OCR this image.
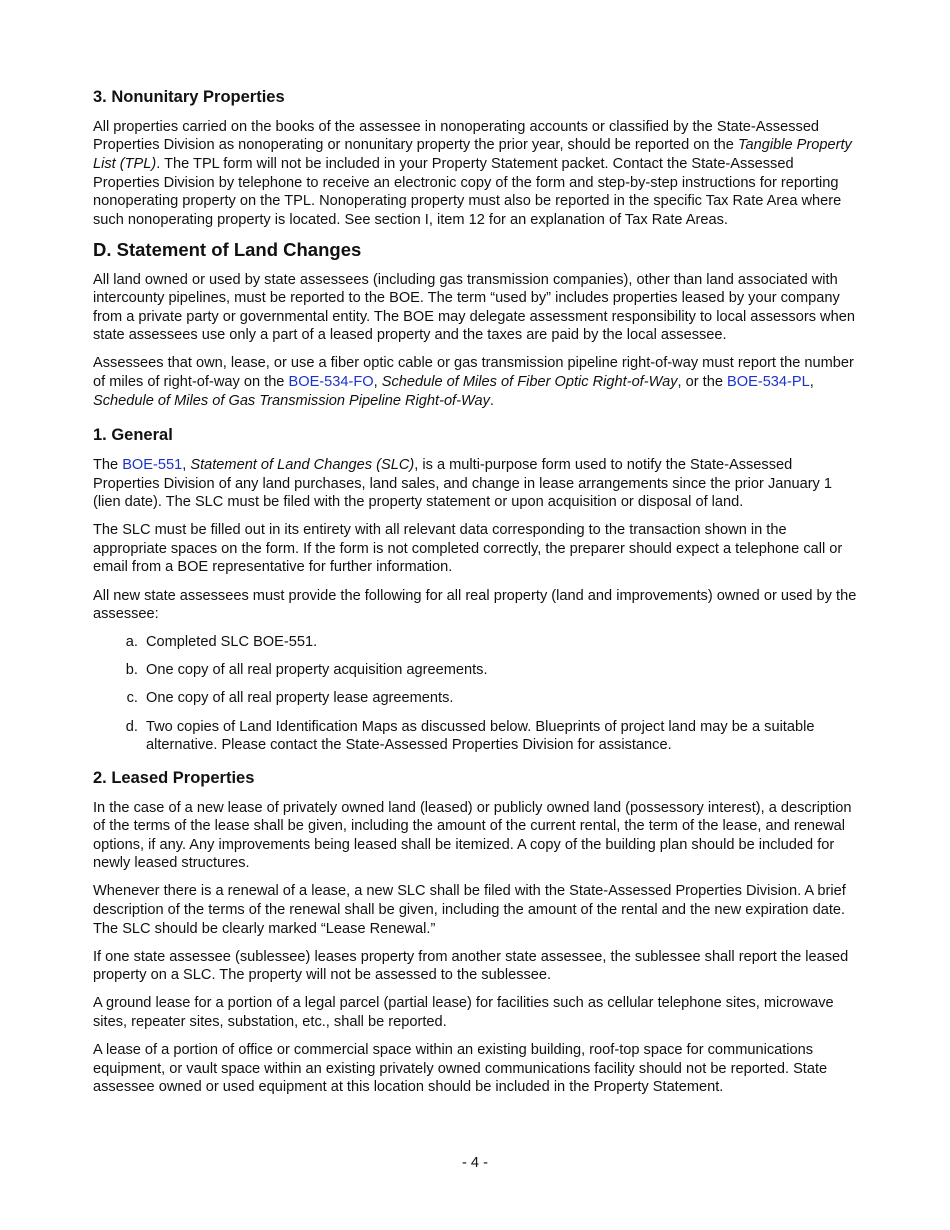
3. Nonunitary Properties

All properties carried on the books of the assessee in nonoperating accounts or classified by the State-Assessed Properties Division as nonoperating or nonunitary property the prior year, should be reported on the Tangible Property List (TPL). The TPL form will not be included in your Property Statement packet. Contact the State-Assessed Properties Division by telephone to receive an electronic copy of the form and step-by-step instructions for reporting nonoperating property on the TPL. Nonoperating property must also be reported in the specific Tax Rate Area where such nonoperating property is located. See section I, item 12 for an explanation of Tax Rate Areas.

D. Statement of Land Changes

All land owned or used by state assessees (including gas transmission companies), other than land associated with intercounty pipelines, must be reported to the BOE. The term “used by” includes properties leased by your company from a private party or governmental entity. The BOE may delegate assessment responsibility to local assessors when state assessees use only a part of a leased property and the taxes are paid by the local assessee.

Assessees that own, lease, or use a fiber optic cable or gas transmission pipeline right-of-way must report the number of miles of right-of-way on the BOE-534-FO, Schedule of Miles of Fiber Optic Right-of-Way, or the BOE-534-PL, Schedule of Miles of Gas Transmission Pipeline Right-of-Way.

1. General

The BOE-551, Statement of Land Changes (SLC), is a multi-purpose form used to notify the State-Assessed Properties Division of any land purchases, land sales, and change in lease arrangements since the prior January 1 (lien date). The SLC must be filed with the property statement or upon acquisition or disposal of land.

The SLC must be filled out in its entirety with all relevant data corresponding to the transaction shown in the appropriate spaces on the form. If the form is not completed correctly, the preparer should expect a telephone call or email from a BOE representative for further information.

All new state assessees must provide the following for all real property (land and improvements) owned or used by the assessee:

a. Completed SLC BOE-551.
b. One copy of all real property acquisition agreements.
c. One copy of all real property lease agreements.
d. Two copies of Land Identification Maps as discussed below. Blueprints of project land may be a suitable alternative. Please contact the State-Assessed Properties Division for assistance.
2. Leased Properties

In the case of a new lease of privately owned land (leased) or publicly owned land (possessory interest), a description of the terms of the lease shall be given, including the amount of the current rental, the term of the lease, and renewal options, if any. Any improvements being leased shall be itemized. A copy of the building plan should be included for newly leased structures.

Whenever there is a renewal of a lease, a new SLC shall be filed with the State-Assessed Properties Division. A brief description of the terms of the renewal shall be given, including the amount of the rental and the new expiration date. The SLC should be clearly marked “Lease Renewal.”

If one state assessee (sublessee) leases property from another state assessee, the sublessee shall report the leased property on a SLC. The property will not be assessed to the sublessee.

A ground lease for a portion of a legal parcel (partial lease) for facilities such as cellular telephone sites, microwave sites, repeater sites, substation, etc., shall be reported.

A lease of a portion of office or commercial space within an existing building, roof-top space for communications equipment, or vault space within an existing privately owned communications facility should not be reported. State assessee owned or used equipment at this location should be included in the Property Statement.

- 4 -
